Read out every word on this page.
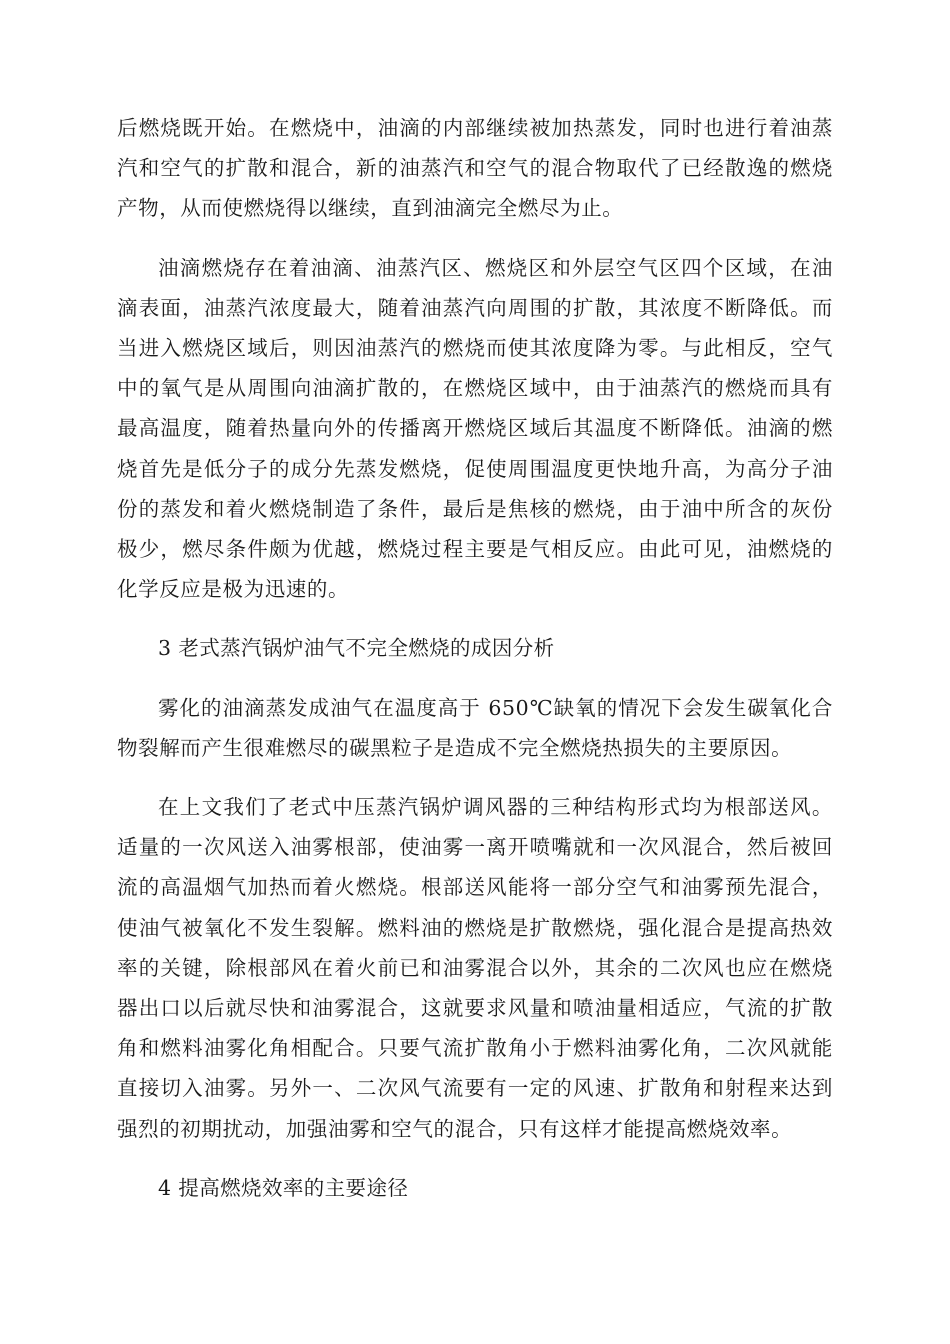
后燃烧既开始。在燃烧中，油滴的内部继续被加热蒸发，同时也进行着油蒸汽和空气的扩散和混合，新的油蒸汽和空气的混合物取代了已经散逸的燃烧产物，从而使燃烧得以继续，直到油滴完全燃尽为止。

油滴燃烧存在着油滴、油蒸汽区、燃烧区和外层空气区四个区域，在油滴表面，油蒸汽浓度最大，随着油蒸汽向周围的扩散，其浓度不断降低。而当进入燃烧区域后，则因油蒸汽的燃烧而使其浓度降为零。与此相反，空气中的氧气是从周围向油滴扩散的，在燃烧区域中，由于油蒸汽的燃烧而具有最高温度，随着热量向外的传播离开燃烧区域后其温度不断降低。油滴的燃烧首先是低分子的成分先蒸发燃烧，促使周围温度更快地升高，为高分子油份的蒸发和着火燃烧制造了条件，最后是焦核的燃烧，由于油中所含的灰份极少，燃尽条件颇为优越，燃烧过程主要是气相反应。由此可见，油燃烧的化学反应是极为迅速的。

3 老式蒸汽锅炉油气不完全燃烧的成因分析

雾化的油滴蒸发成油气在温度高于 650℃缺氧的情况下会发生碳氧化合物裂解而产生很难燃尽的碳黑粒子是造成不完全燃烧热损失的主要原因。

在上文我们了老式中压蒸汽锅炉调风器的三种结构形式均为根部送风。适量的一次风送入油雾根部，使油雾一离开喷嘴就和一次风混合，然后被回流的高温烟气加热而着火燃烧。根部送风能将一部分空气和油雾预先混合，使油气被氧化不发生裂解。燃料油的燃烧是扩散燃烧，强化混合是提高热效率的关键，除根部风在着火前已和油雾混合以外，其余的二次风也应在燃烧器出口以后就尽快和油雾混合，这就要求风量和喷油量相适应，气流的扩散角和燃料油雾化角相配合。只要气流扩散角小于燃料油雾化角，二次风就能直接切入油雾。另外一、二次风气流要有一定的风速、扩散角和射程来达到强烈的初期扰动，加强油雾和空气的混合，只有这样才能提高燃烧效率。

4 提高燃烧效率的主要途径
